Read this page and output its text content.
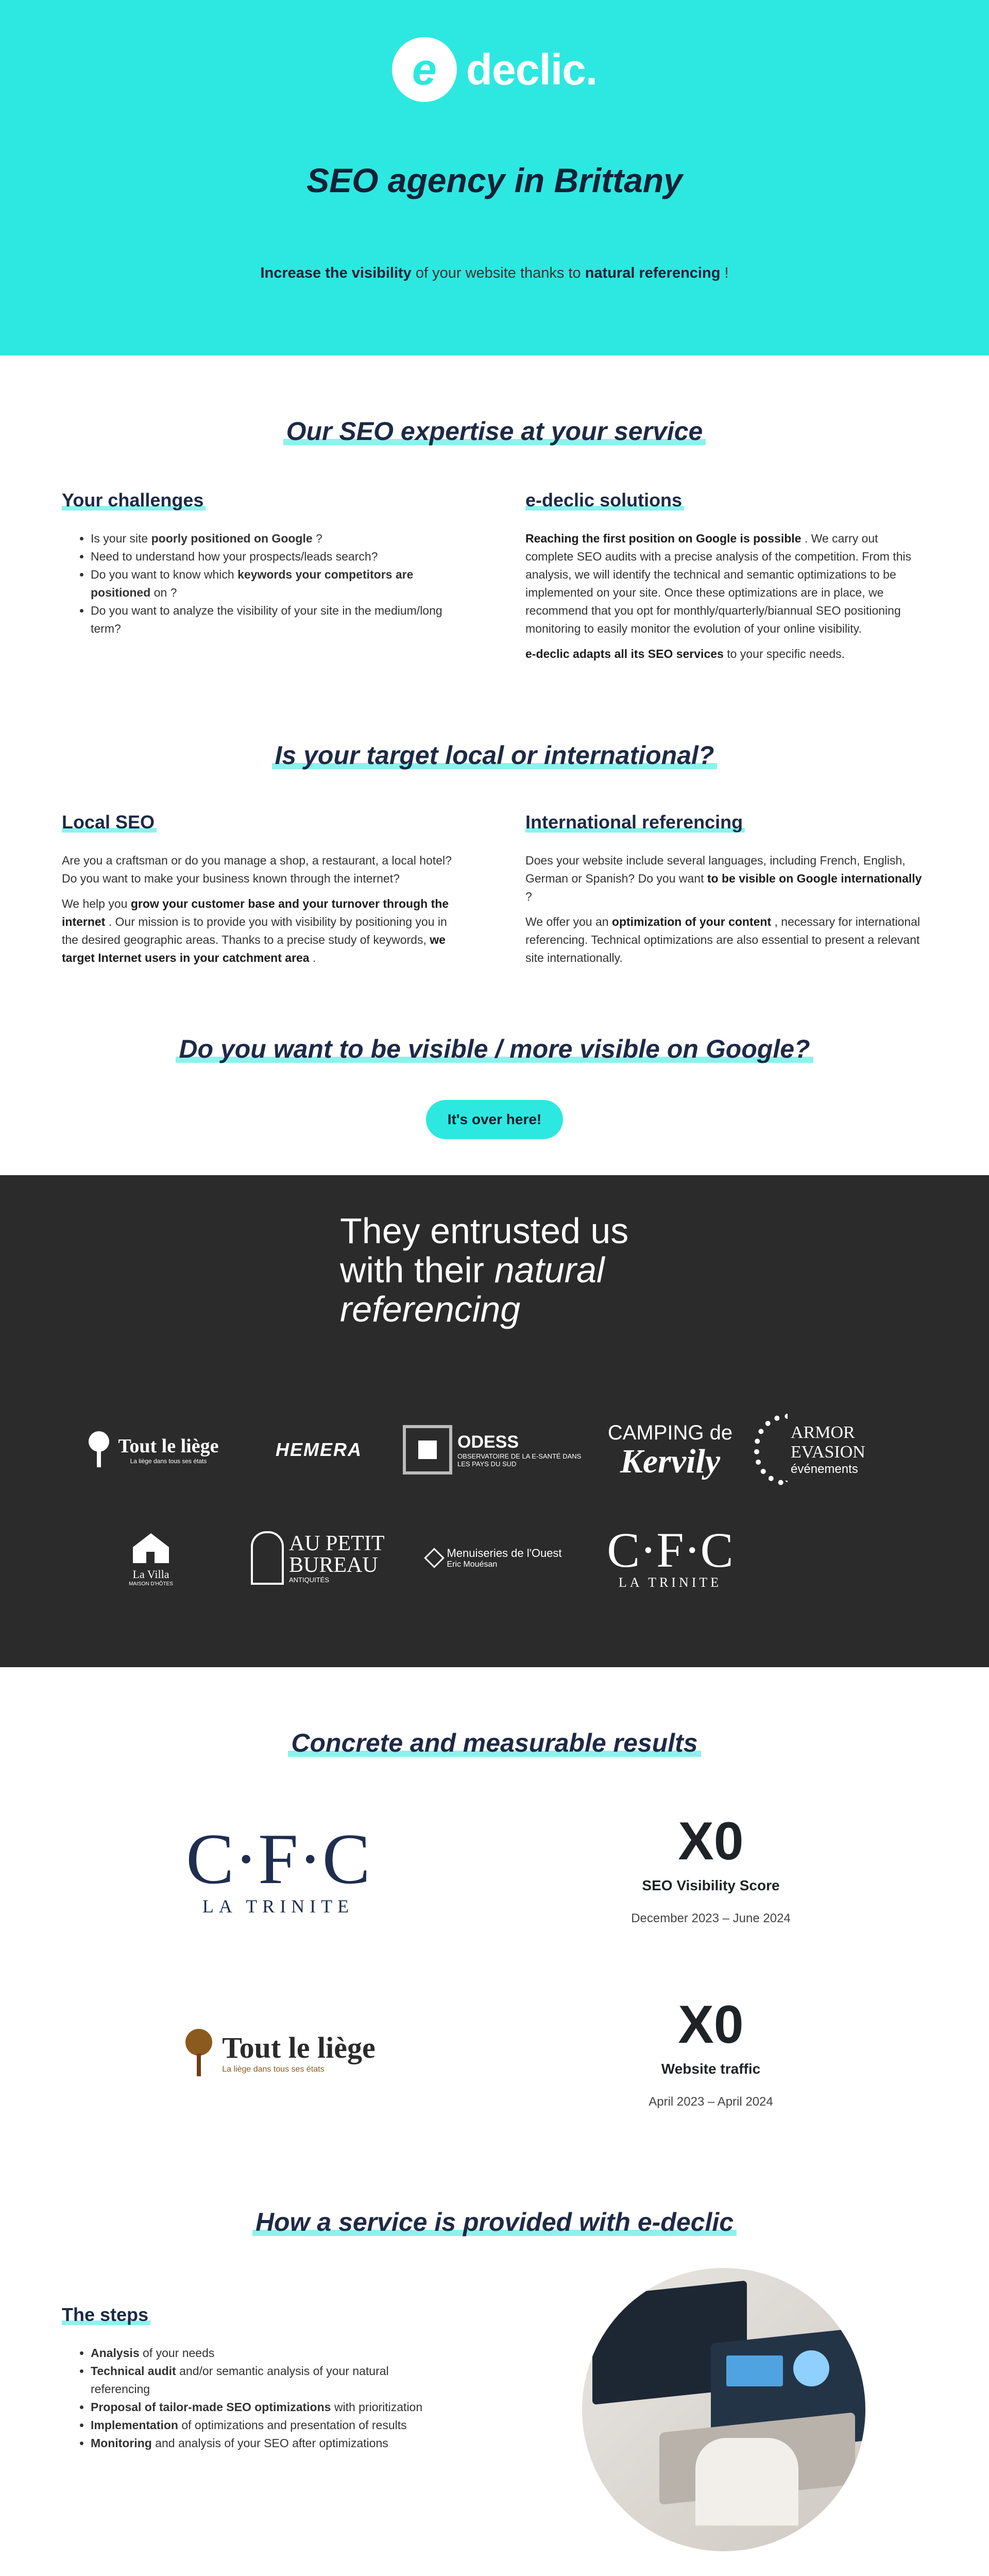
e declic.
SEO agency in Brittany

Increase the visibility of your website thanks to natural referencing !

Our SEO expertise at your service
Your challenges
• Is your site poorly positioned on Google ?
• Need to understand how your prospects/leads search?
• Do you want to know which keywords your competitors are positioned on ?
• Do you want to analyze the visibility of your site in the medium/long term?
e-declic solutions

Reaching the first position on Google is possible . We carry out complete SEO audits with a precise analysis of the competition. From this analysis, we will identify the technical and semantic optimizations to be implemented on your site. Once these optimizations are in place, we recommend that you opt for monthly/quarterly/biannual SEO positioning monitoring to easily monitor the evolution of your online visibility.

e-declic adapts all its SEO services to your specific needs.

Is your target local or international?
Local SEO

Are you a craftsman or do you manage a shop, a restaurant, a local hotel? Do you want to make your business known through the internet?

We help you grow your customer base and your turnover through the internet . Our mission is to provide you with visibility by positioning you in the desired geographic areas. Thanks to a precise study of keywords, we target Internet users in your catchment area .

International referencing

Does your website include several languages, including French, English, German or Spanish? Do you want to be visible on Google internationally ?

We offer you an optimization of your content , necessary for international referencing. Technical optimizations are also essential to present a relevant site internationally.

Do you want to be visible / more visible on Google?
It's over here!
They entrusted us
with their natural
referencing
Tout le liège
La liège dans tous ses états
HEMERA	ODESS
OBSERVATOIRE DE LA E-SANTÉ DANS LES PAYS DU SUD
CAMPING de
Kervily
ARMOR EVASION
événements
La Villa
MAISON D'HÔTES
AU PETIT BUREAU
ANTIQUITÉS
Menuiseries de l'Ouest
Eric Mouésan	C·F·C
LA TRINITE
Concrete and measurable results
C·F·C
LA TRINITE
X0
SEO Visibility Score
December 2023 – June 2024
Tout le liège
La liège dans tous ses états
X0
Website traffic
April 2023 – April 2024
How a service is provided with e-declic
The steps
• Analysis of your needs
• Technical audit and/or semantic analysis of your natural referencing
• Proposal of tailor-made SEO optimizations with prioritization
• Implementation of optimizations and presentation of results
• Monitoring and analysis of your SEO after optimizations
